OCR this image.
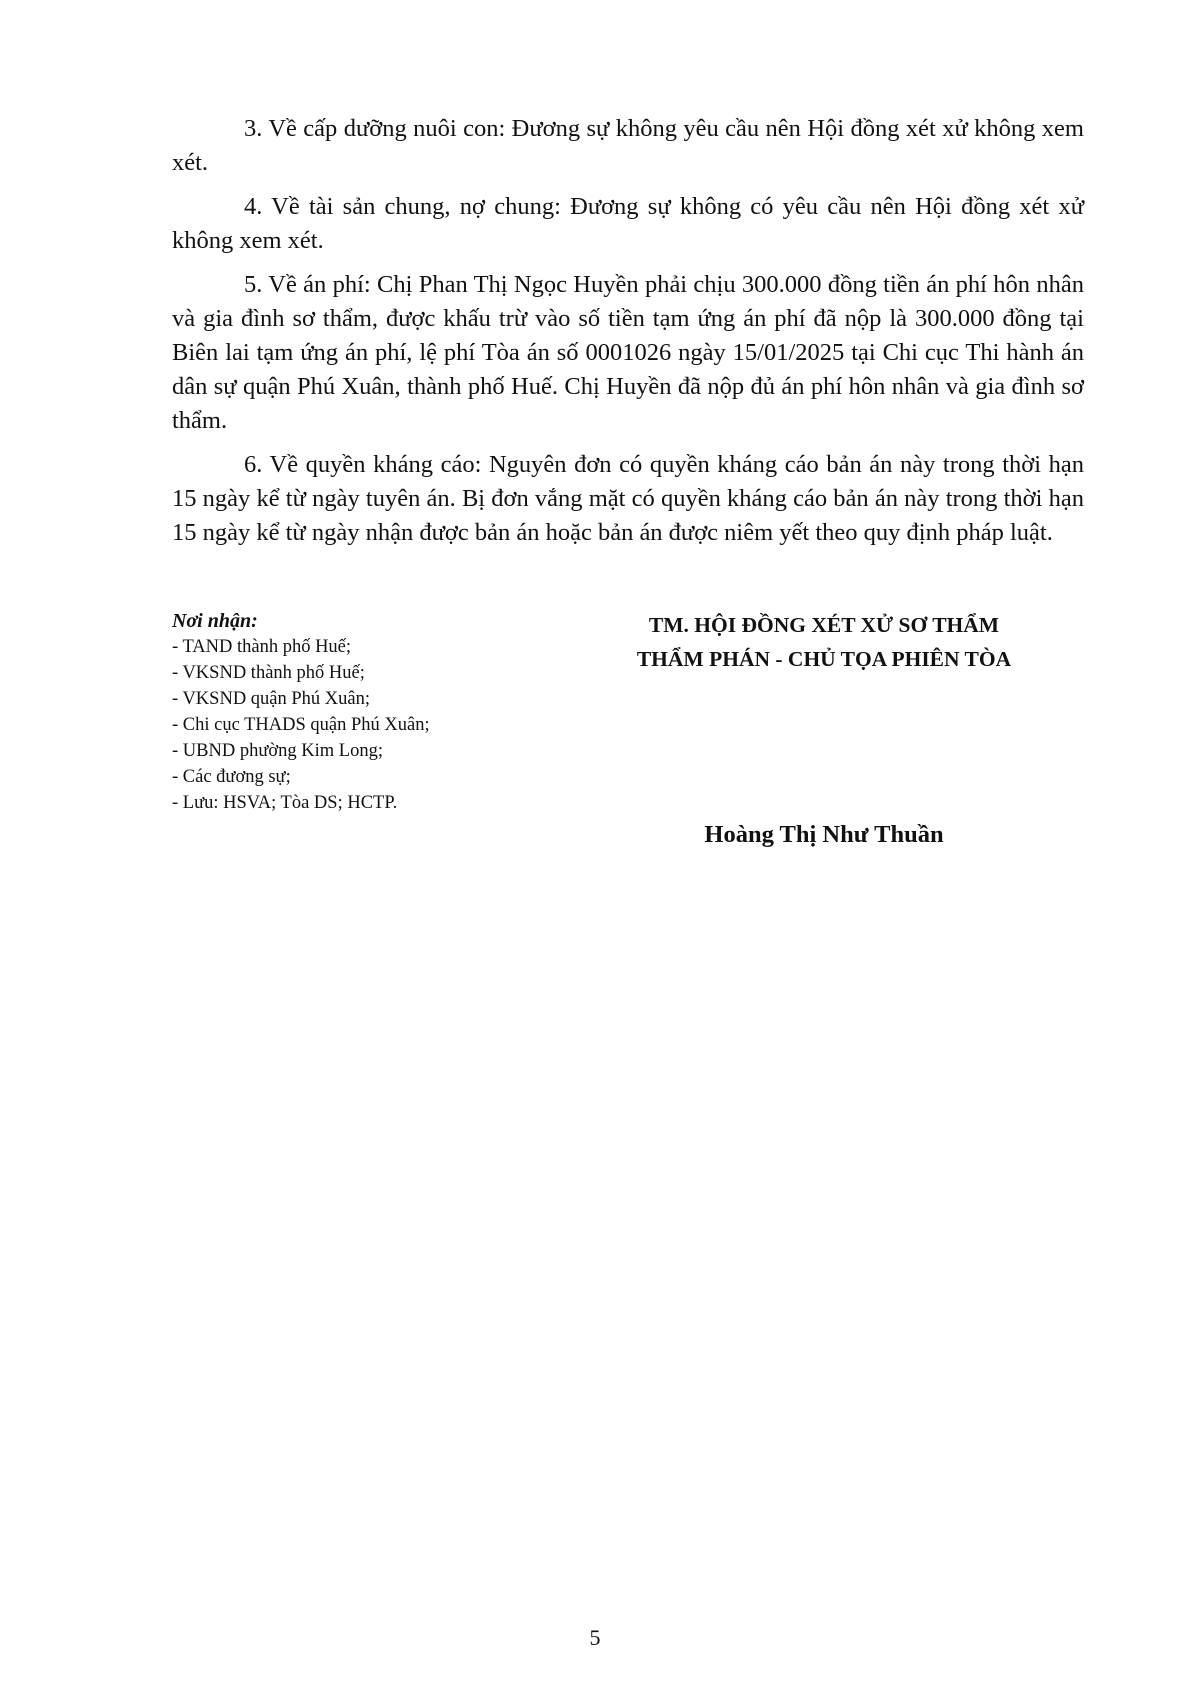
3. Về cấp dưỡng nuôi con: Đương sự không yêu cầu nên Hội đồng xét xử không xem xét.

4. Về tài sản chung, nợ chung: Đương sự không có yêu cầu nên Hội đồng xét xử không xem xét.

5. Về án phí: Chị Phan Thị Ngọc Huyền phải chịu 300.000 đồng tiền án phí hôn nhân và gia đình sơ thẩm, được khấu trừ vào số tiền tạm ứng án phí đã nộp là 300.000 đồng tại Biên lai tạm ứng án phí, lệ phí Tòa án số 0001026 ngày 15/01/2025 tại Chi cục Thi hành án dân sự quận Phú Xuân, thành phố Huế. Chị Huyền đã nộp đủ án phí hôn nhân và gia đình sơ thẩm.

6. Về quyền kháng cáo: Nguyên đơn có quyền kháng cáo bản án này trong thời hạn 15 ngày kể từ ngày tuyên án. Bị đơn vắng mặt có quyền kháng cáo bản án này trong thời hạn 15 ngày kể từ ngày nhận được bản án hoặc bản án được niêm yết theo quy định pháp luật.

Nơi nhận:
- TAND thành phố Huế;
- VKSND thành phố Huế;
- VKSND quận Phú Xuân;
- Chi cục THADS quận Phú Xuân;
- UBND phường Kim Long;
- Các đương sự;
- Lưu: HSVA; Tòa DS; HCTP.
TM. HỘI ĐỒNG XÉT XỬ SƠ THẨM
THẨM PHÁN - CHỦ TỌA PHIÊN TÒA
Hoàng Thị Như Thuần
5
